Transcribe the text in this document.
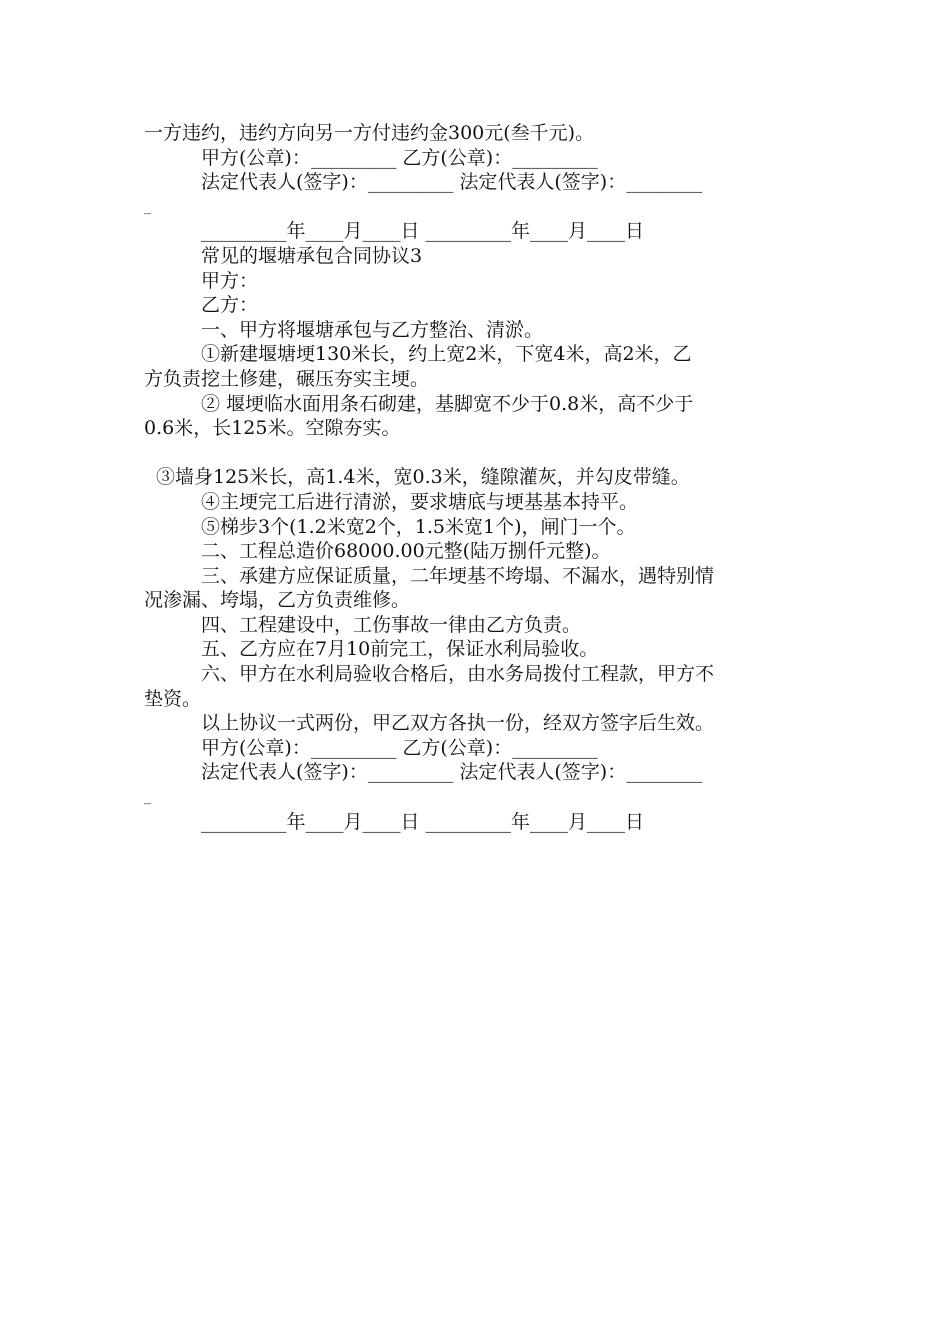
一方违约，违约方向另一方付违约金300元(叁千元)。
甲方(公章)：_________ 乙方(公章)：_________
法定代表人(签字)：_________ 法定代表人(签字)：________
_
_________年____月____日 _________年____月____日
常见的堰塘承包合同协议3
甲方：
乙方：
一、甲方将堰塘承包与乙方整治、清淤。
①新建堰塘埂130米长，约上宽2米，下宽4米，高2米，乙
方负责挖土修建，碾压夯实主埂。
② 堰埂临水面用条石砌建，基脚宽不少于0.8米，高不少于
0.6米，长125米。空隙夯实。
③墙身125米长，高1.4米，宽0.3米，缝隙灌灰，并勾皮带缝。
④主埂完工后进行清淤，要求塘底与埂基基本持平。
⑤梯步3个(1.2米宽2个，1.5米宽1个)，闸门一个。
二、工程总造价68000.00元整(陆万捌仟元整)。
三、承建方应保证质量，二年埂基不垮塌、不漏水，遇特别情
况渗漏、垮塌，乙方负责维修。
四、工程建设中，工伤事故一律由乙方负责。
五、乙方应在7月10前完工，保证水利局验收。
六、甲方在水利局验收合格后，由水务局拨付工程款，甲方不
垫资。
以上协议一式两份，甲乙双方各执一份，经双方签字后生效。
甲方(公章)：_________ 乙方(公章)：_________
法定代表人(签字)：_________ 法定代表人(签字)：________
_
_________年____月____日 _________年____月____日
